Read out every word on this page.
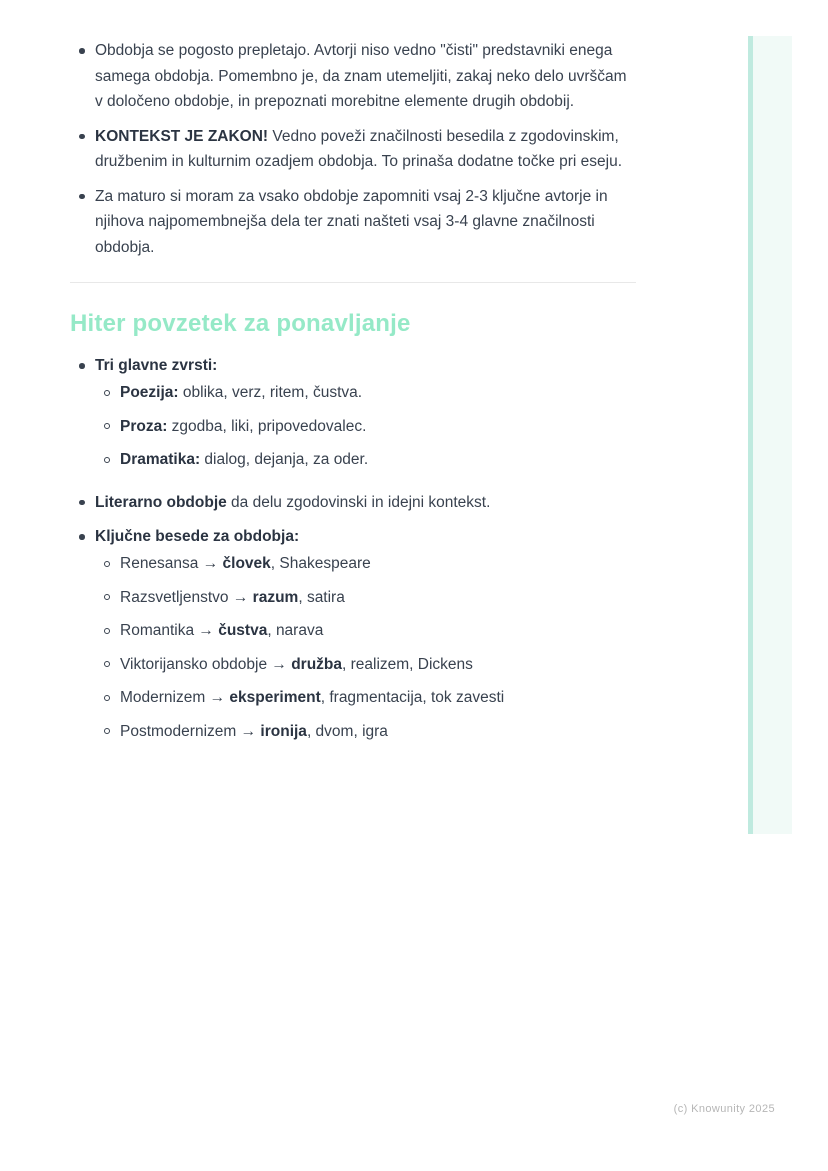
Obdobja se pogosto prepletajo. Avtorji niso vedno "čisti" predstavniki enega samega obdobja. Pomembno je, da znam utemeljiti, zakaj neko delo uvrščam v določeno obdobje, in prepoznati morebitne elemente drugih obdobij.
KONTEKST JE ZAKON! Vedno poveži značilnosti besedila z zgodovinskim, družbenim in kulturnim ozadjem obdobja. To prinaša dodatne točke pri eseju.
Za maturo si moram za vsako obdobje zapomniti vsaj 2-3 ključne avtorje in njihova najpomembnejša dela ter znati našteti vsaj 3-4 glavne značilnosti obdobja.
Hiter povzetek za ponavljanje
Tri glavne zvrsti:
Poezija: oblika, verz, ritem, čustva.
Proza: zgodba, liki, pripovedovalec.
Dramatika: dialog, dejanja, za oder.
Literarno obdobje da delu zgodovinski in idejni kontekst.
Ključne besede za obdobja:
Renesansa → človek, Shakespeare
Razsvetljenstvo → razum, satira
Romantika → čustva, narava
Viktorijansko obdobje → družba, realizem, Dickens
Modernizem → eksperiment, fragmentacija, tok zavesti
Postmodernizem → ironija, dvom, igra
(c) Knowunity 2025
